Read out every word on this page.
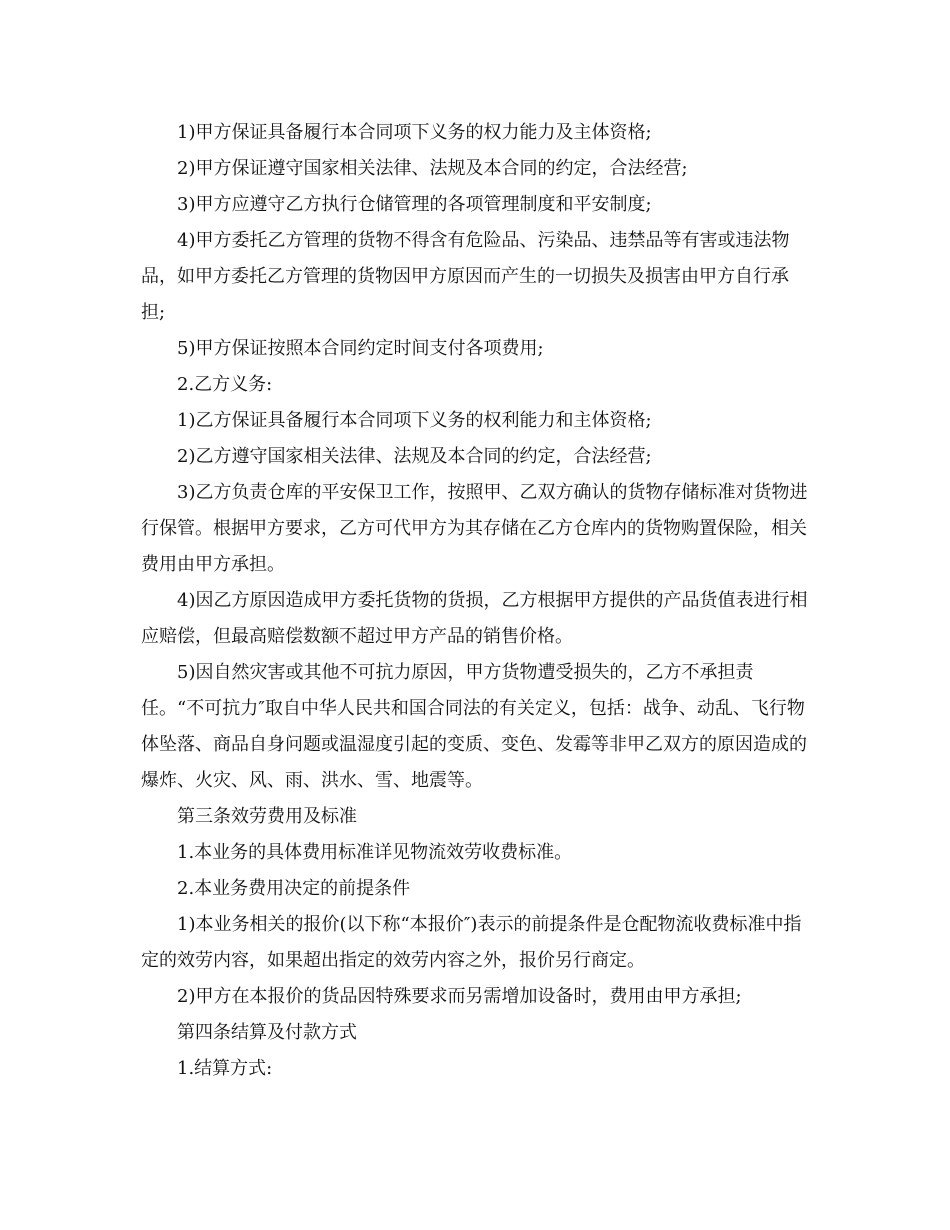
1)甲方保证具备履行本合同项下义务的权力能力及主体资格;

2)甲方保证遵守国家相关法律、法规及本合同的约定，合法经营;

3)甲方应遵守乙方执行仓储管理的各项管理制度和平安制度;

4)甲方委托乙方管理的货物不得含有危险品、污染品、违禁品等有害或违法物品，如甲方委托乙方管理的货物因甲方原因而产生的一切损失及损害由甲方自行承担;

5)甲方保证按照本合同约定时间支付各项费用;

2.乙方义务:

1)乙方保证具备履行本合同项下义务的权利能力和主体资格;

2)乙方遵守国家相关法律、法规及本合同的约定，合法经营;

3)乙方负责仓库的平安保卫工作，按照甲、乙双方确认的货物存储标准对货物进行保管。根据甲方要求，乙方可代甲方为其存储在乙方仓库内的货物购置保险，相关费用由甲方承担。

4)因乙方原因造成甲方委托货物的货损，乙方根据甲方提供的产品货值表进行相应赔偿，但最高赔偿数额不超过甲方产品的销售价格。

5)因自然灾害或其他不可抗力原因，甲方货物遭受损失的，乙方不承担责任。“不可抗力″取自中华人民共和国合同法的有关定义，包括：战争、动乱、飞行物体坠落、商品自身问题或温湿度引起的变质、变色、发霉等非甲乙双方的原因造成的爆炸、火灾、风、雨、洪水、雪、地震等。

第三条效劳费用及标准

1.本业务的具体费用标准详见物流效劳收费标准。

2.本业务费用决定的前提条件

1)本业务相关的报价(以下称“本报价″)表示的前提条件是仓配物流收费标准中指定的效劳内容，如果超出指定的效劳内容之外，报价另行商定。

2)甲方在本报价的货品因特殊要求而另需增加设备时，费用由甲方承担;

第四条结算及付款方式

1.结算方式:
